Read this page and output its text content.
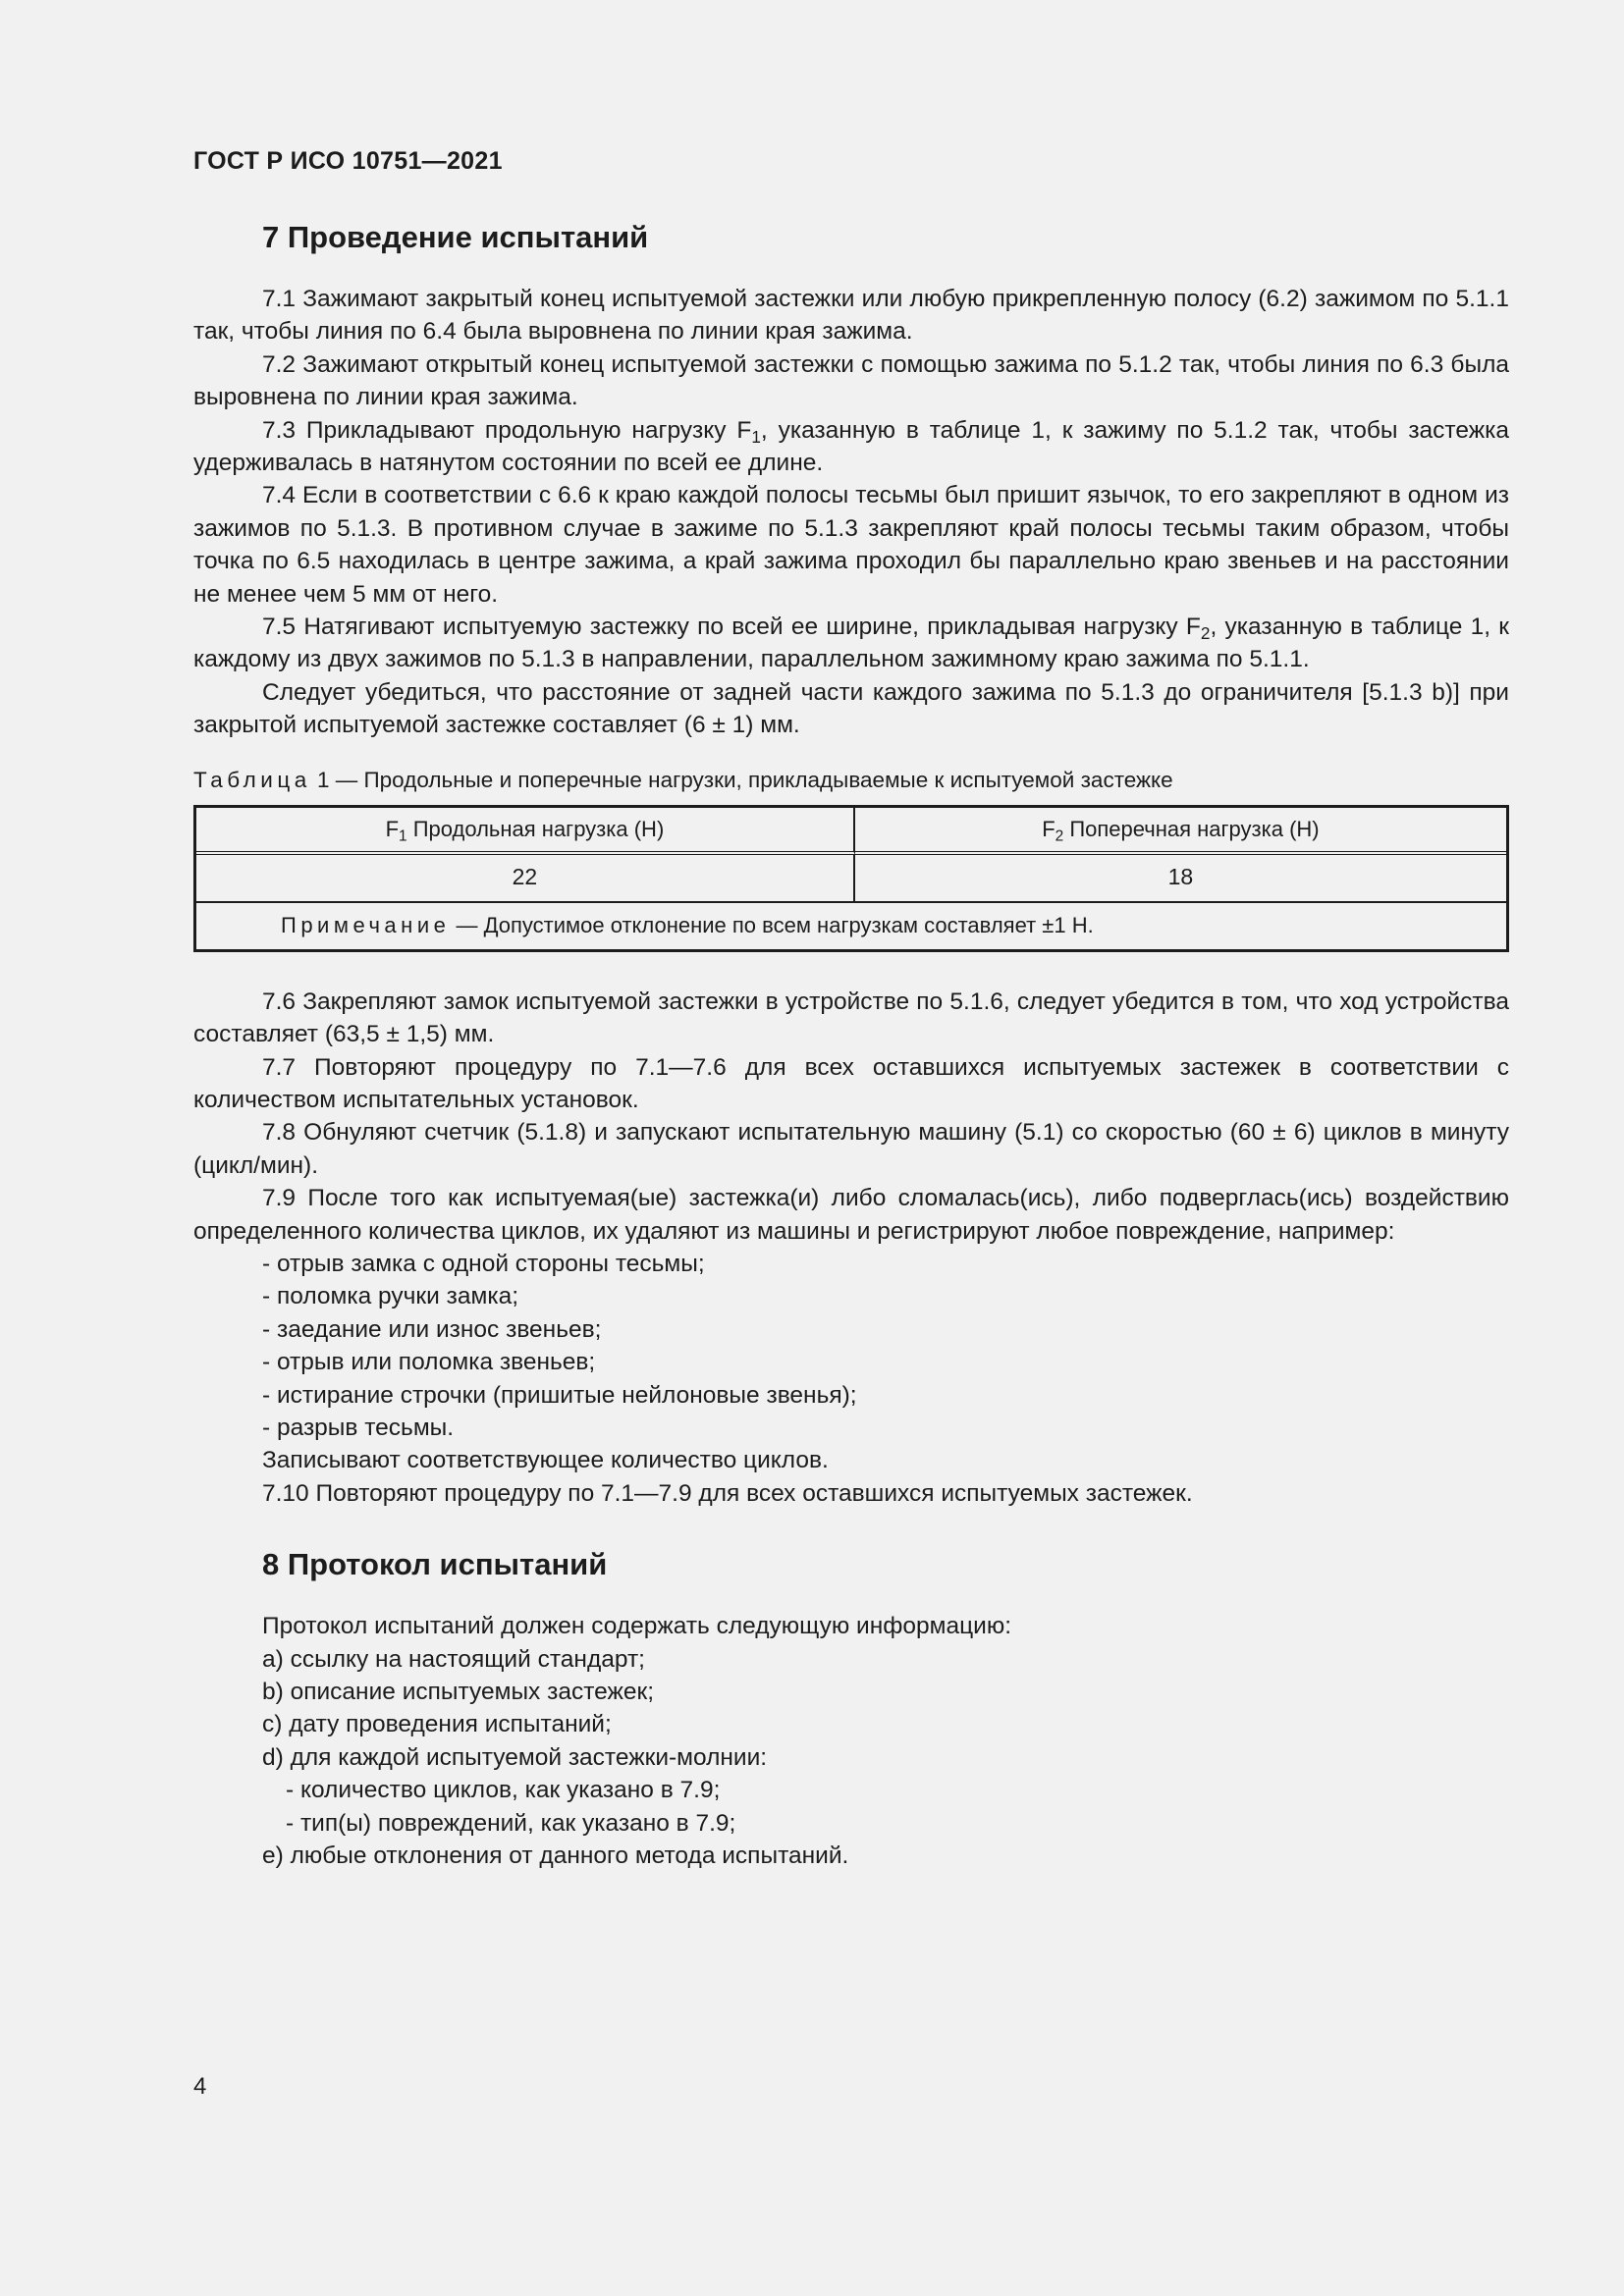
ГОСТ Р ИСО 10751—2021
7 Проведение испытаний

7.1 Зажимают закрытый конец испытуемой застежки или любую прикрепленную полосу (6.2) зажимом по 5.1.1 так, чтобы линия по 6.4 была выровнена по линии края зажима.

7.2 Зажимают открытый конец испытуемой застежки с помощью зажима по 5.1.2 так, чтобы линия по 6.3 была выровнена по линии края зажима.

7.3 Прикладывают продольную нагрузку $F_1$, указанную в таблице 1, к зажиму по 5.1.2 так, чтобы застежка удерживалась в натянутом состоянии по всей ее длине.

7.4 Если в соответствии с 6.6 к краю каждой полосы тесьмы был пришит язычок, то его закрепляют в одном из зажимов по 5.1.3. В противном случае в зажиме по 5.1.3 закрепляют край полосы тесьмы таким образом, чтобы точка по 6.5 находилась в центре зажима, а край зажима проходил бы параллельно краю звеньев и на расстоянии не менее чем 5 мм от него.

7.5 Натягивают испытуемую застежку по всей ее ширине, прикладывая нагрузку $F_2$, указанную в таблице 1, к каждому из двух зажимов по 5.1.3 в направлении, параллельном зажимному краю зажима по 5.1.1.

Следует убедиться, что расстояние от задней части каждого зажима по 5.1.3 до ограничителя [5.1.3 b)] при закрытой испытуемой застежке составляет (6 ± 1) мм.

Таблица 1 — Продольные и поперечные нагрузки, прикладываемые к испытуемой застежке
$F_1$ Продольная нагрузка (Н)	$F_2$ Поперечная нагрузка (Н)
22	18
Примечание — Допустимое отклонение по всем нагрузкам составляет ±1 Н.	

7.6 Закрепляют замок испытуемой застежки в устройстве по 5.1.6, следует убедится в том, что ход устройства составляет (63,5 ± 1,5) мм.

7.7 Повторяют процедуру по 7.1—7.6 для всех оставшихся испытуемых застежек в соответствии с количеством испытательных установок.

7.8 Обнуляют счетчик (5.1.8) и запускают испытательную машину (5.1) со скоростью (60 ± 6) циклов в минуту (цикл/мин).

7.9 После того как испытуемая(ые) застежка(и) либо сломалась(ись), либо подверглась(ись) воздействию определенного количества циклов, их удаляют из машины и регистрируют любое повреждение, например:

- отрыв замка с одной стороны тесьмы;
- поломка ручки замка;
- заедание или износ звеньев;
- отрыв или поломка звеньев;
- истирание строчки (пришитые нейлоновые звенья);
- разрыв тесьмы.

Записывают соответствующее количество циклов.

7.10 Повторяют процедуру по 7.1—7.9 для всех оставшихся испытуемых застежек.

8 Протокол испытаний
Протокол испытаний должен содержать следующую информацию:
a) ссылку на настоящий стандарт;
b) описание испытуемых застежек;
c) дату проведения испытаний;
d) для каждой испытуемой застежки-молнии:
- количество циклов, как указано в 7.9;
- тип(ы) повреждений, как указано в 7.9;
e) любые отклонения от данного метода испытаний.
4
